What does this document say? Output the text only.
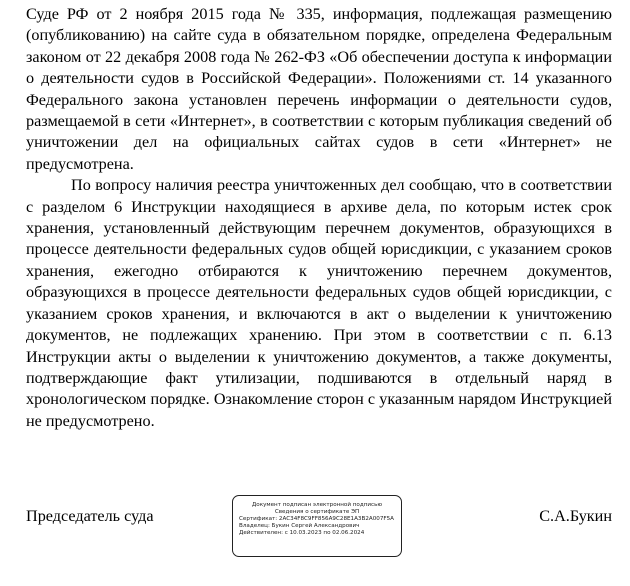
Суде РФ от 2 ноября 2015 года № 335, информация, подлежащая размещению (опубликованию) на сайте суда в обязательном порядке, определена Федеральным законом от 22 декабря 2008 года № 262-ФЗ «Об обеспечении доступа к информации о деятельности судов в Российской Федерации». Положениями ст. 14 указанного Федерального закона установлен перечень информации о деятельности судов, размещаемой в сети «Интернет», в соответствии с которым публикация сведений об уничтожении дел на официальных сайтах судов в сети «Интернет» не предусмотрена.

По вопросу наличия реестра уничтоженных дел сообщаю, что в соответствии с разделом 6 Инструкции находящиеся в архиве дела, по которым истек срок хранения, установленный действующим перечнем документов, образующихся в процессе деятельности федеральных судов общей юрисдикции, с указанием сроков хранения, ежегодно отбираются к уничтожению перечнем документов, образующихся в процессе деятельности федеральных судов общей юрисдикции, с указанием сроков хранения, и включаются в акт о выделении к уничтожению документов, не подлежащих хранению. При этом в соответствии с п. 6.13 Инструкции акты о выделении к уничтожению документов, а также документы, подтверждающие факт утилизации, подшиваются в отдельный наряд в хронологическом порядке. Ознакомление сторон с указанным нарядом Инструкцией не предусмотрено.

Председатель суда	С.А.Букин
Документ подписан электронной подписью
Сведения о сертификате ЭП
Сертификат: 2AC34F8C9FF856A9C28E1A3B2A007F5A
Владелец: Букин Сергей Александрович
Действителен: с 10.03.2023 по 02.06.2024
